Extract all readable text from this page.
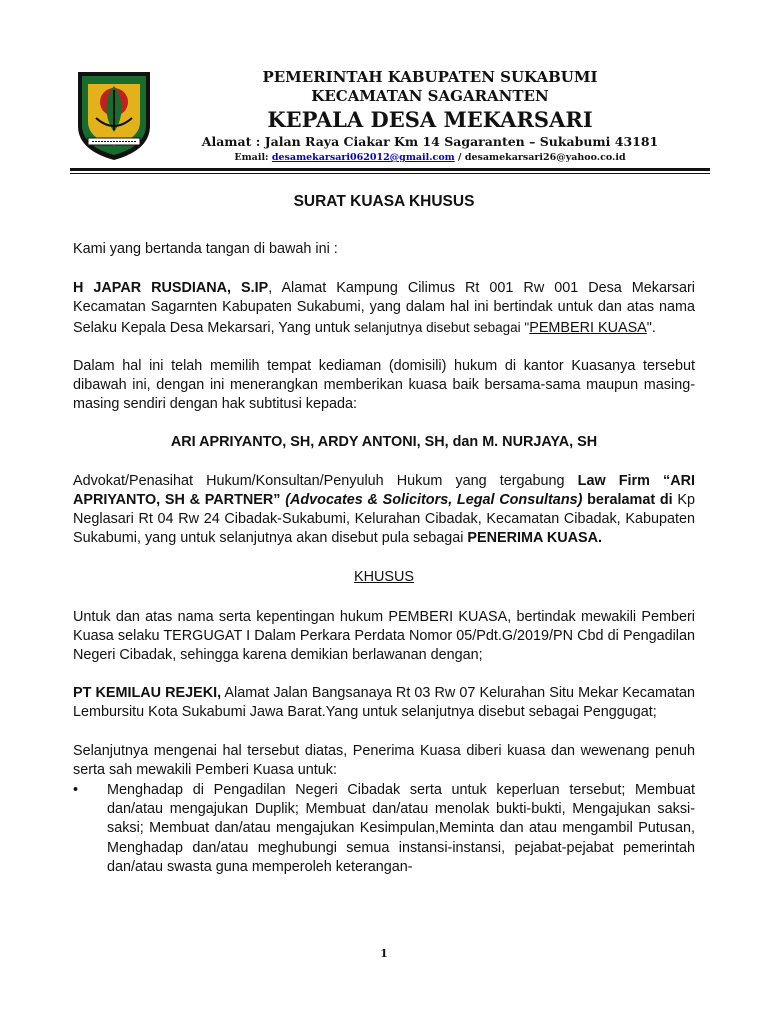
PEMERINTAH KABUPATEN SUKABUMI
KECAMATAN SAGARANTEN
KEPALA DESA MEKARSARI
Alamat : Jalan Raya Ciakar Km 14 Sagaranten – Sukabumi 43181
Email: desamekarsari062012@gmail.com / desamekarsari26@yahoo.co.id
SURAT KUASA KHUSUS

Kami yang bertanda tangan di bawah ini :

H JAPAR RUSDIANA, S.IP, Alamat Kampung Cilimus Rt 001 Rw 001 Desa Mekarsari Kecamatan Sagarnten Kabupaten Sukabumi, yang dalam hal ini bertindak untuk dan atas nama Selaku Kepala Desa Mekarsari, Yang untuk selanjutnya disebut sebagai "PEMBERI KUASA".

Dalam hal ini telah memilih tempat kediaman (domisili) hukum di kantor Kuasanya tersebut dibawah ini, dengan ini menerangkan memberikan kuasa baik bersama-sama maupun masing-masing sendiri dengan hak subtitusi kepada:

ARI APRIYANTO, SH, ARDY ANTONI, SH, dan M. NURJAYA, SH

Advokat/Penasihat Hukum/Konsultan/Penyuluh Hukum yang tergabung Law Firm “ARI APRIYANTO, SH & PARTNER” (Advocates & Solicitors, Legal Consultans) beralamat di Kp Neglasari Rt 04 Rw 24 Cibadak-Sukabumi, Kelurahan Cibadak, Kecamatan Cibadak, Kabupaten Sukabumi, yang untuk selanjutnya akan disebut pula sebagai PENERIMA KUASA.

KHUSUS

Untuk dan atas nama serta kepentingan hukum PEMBERI KUASA, bertindak mewakili Pemberi Kuasa selaku TERGUGAT I Dalam Perkara Perdata Nomor 05/Pdt.G/2019/PN Cbd di Pengadilan Negeri Cibadak, sehingga karena demikian berlawanan dengan;

PT KEMILAU REJEKI, Alamat Jalan Bangsanaya Rt 03 Rw 07 Kelurahan Situ Mekar Kecamatan Lembursitu Kota Sukabumi Jawa Barat.Yang untuk selanjutnya disebut sebagai Penggugat;

Selanjutnya mengenai hal tersebut diatas, Penerima Kuasa diberi kuasa dan wewenang penuh serta sah mewakili Pemberi Kuasa untuk:

• Menghadap di Pengadilan Negeri Cibadak serta untuk keperluan tersebut; Membuat dan/atau mengajukan Duplik; Membuat dan/atau menolak bukti-bukti, Mengajukan saksi-saksi; Membuat dan/atau mengajukan Kesimpulan,Meminta dan atau mengambil Putusan, Menghadap dan/atau meghubungi semua instansi-instansi, pejabat-pejabat pemerintah dan/atau swasta guna memperoleh keterangan-
1
